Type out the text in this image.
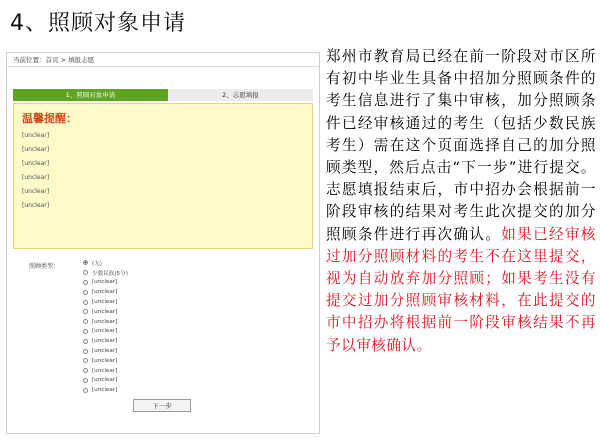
4、照顾对象申请
当前位置：首页 > 填报志愿
1、照顾对象申请	2、志愿填报
温馨提醒：
[unclear]
[unclear]
[unclear]
[unclear]
[unclear]
[unclear]
照顾类型：	(无)
少数民族(5分)
[unclear]
[unclear]
[unclear]
[unclear]
[unclear]
[unclear]
[unclear]
[unclear]
[unclear]
[unclear]
[unclear]
[unclear]
下一步
郑州市教育局已经在前一阶段对市区所有初中毕业生具备中招加分照顾条件的考生信息进行了集中审核，加分照顾条件已经审核通过的考生（包括少数民族考生）需在这个页面选择自己的加分照顾类型，然后点击“下一步”进行提交。志愿填报结束后，市中招办会根据前一阶段审核的结果对考生此次提交的加分照顾条件进行再次确认。如果已经审核过加分照顾材料的考生不在这里提交，视为自动放弃加分照顾；如果考生没有提交过加分照顾审核材料，在此提交的市中招办将根据前一阶段审核结果不再予以审核确认。
